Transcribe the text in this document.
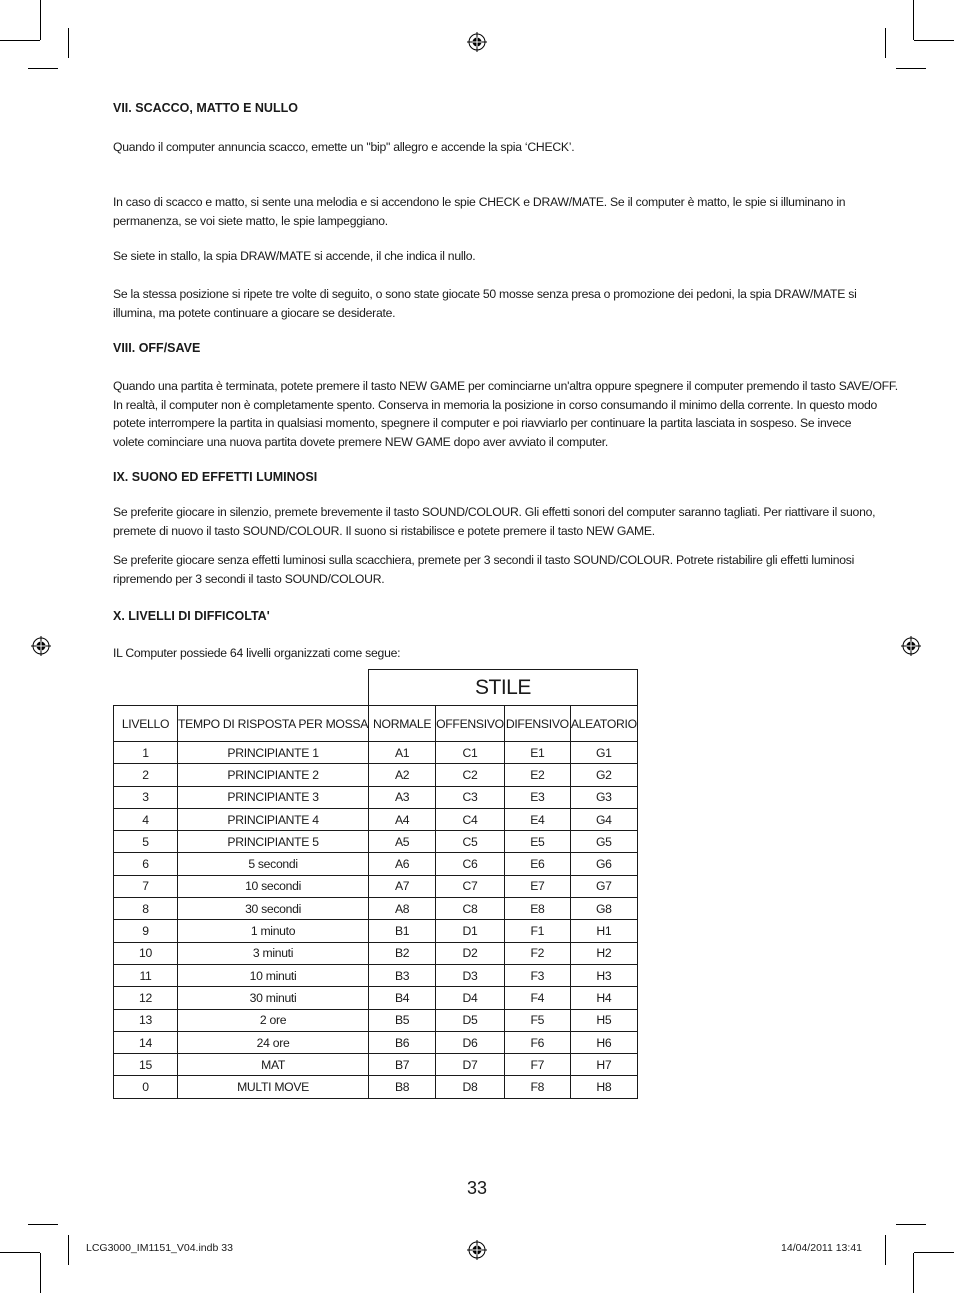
VII. SCACCO, MATTO E NULLO
Quando il computer annuncia scacco, emette un "bip" allegro e accende la spia ‘CHECK’.
In caso di scacco e matto, si sente una melodia e si accendono le spie CHECK e DRAW/MATE. Se il computer è matto, le spie si illuminano in
permanenza, se voi siete matto, le spie lampeggiano.
Se siete in stallo, la spia DRAW/MATE si accende, il che indica il nullo.
Se la stessa posizione si ripete tre volte di seguito, o sono state giocate 50 mosse senza presa o promozione dei pedoni, la spia DRAW/MATE si
illumina, ma potete continuare a giocare se desiderate.
VIII. OFF/SAVE
Quando una partita è terminata, potete premere il tasto NEW GAME per cominciarne un'altra oppure spegnere il computer premendo il tasto SAVE/OFF.
In realtà, il computer non è completamente spento. Conserva in memoria la posizione in corso consumando il minimo della corrente. In questo modo
potete interrompere la partita in qualsiasi momento, spegnere il computer e poi riavviarlo per continuare la partita lasciata in sospeso. Se invece
volete cominciare una nuova partita dovete premere NEW GAME dopo aver avviato il computer.
IX. SUONO ED EFFETTI LUMINOSI
Se preferite giocare in silenzio, premete brevemente il tasto SOUND/COLOUR. Gli effetti sonori del computer saranno tagliati. Per riattivare il suono,
premete di nuovo il tasto SOUND/COLOUR. Il suono si ristabilisce e potete premere il tasto NEW GAME.
Se preferite giocare senza effetti luminosi sulla scacchiera, premete per 3 secondi il tasto SOUND/COLOUR. Potrete ristabilire gli effetti luminosi
ripremendo per 3 secondi il tasto SOUND/COLOUR.
X. LIVELLI DI DIFFICOLTA'
IL Computer possiede 64 livelli organizzati come segue:
		STILE			
LIVELLO	TEMPO DI RISPOSTA PER MOSSA	NORMALE	OFFENSIVO	DIFENSIVO	ALEATORIO
1	PRINCIPIANTE 1	A1	C1	E1	G1
2	PRINCIPIANTE 2	A2	C2	E2	G2
3	PRINCIPIANTE 3	A3	C3	E3	G3
4	PRINCIPIANTE 4	A4	C4	E4	G4
5	PRINCIPIANTE 5	A5	C5	E5	G5
6	5 secondi	A6	C6	E6	G6
7	10 secondi	A7	C7	E7	G7
8	30 secondi	A8	C8	E8	G8
9	1 minuto	B1	D1	F1	H1
10	3 minuti	B2	D2	F2	H2
11	10 minuti	B3	D3	F3	H3
12	30 minuti	B4	D4	F4	H4
13	2 ore	B5	D5	F5	H5
14	24 ore	B6	D6	F6	H6
15	MAT	B7	D7	F7	H7
0	MULTI MOVE	B8	D8	F8	H8
33
LCG3000_IM1151_V04.indb 33	14/04/2011 13:41
